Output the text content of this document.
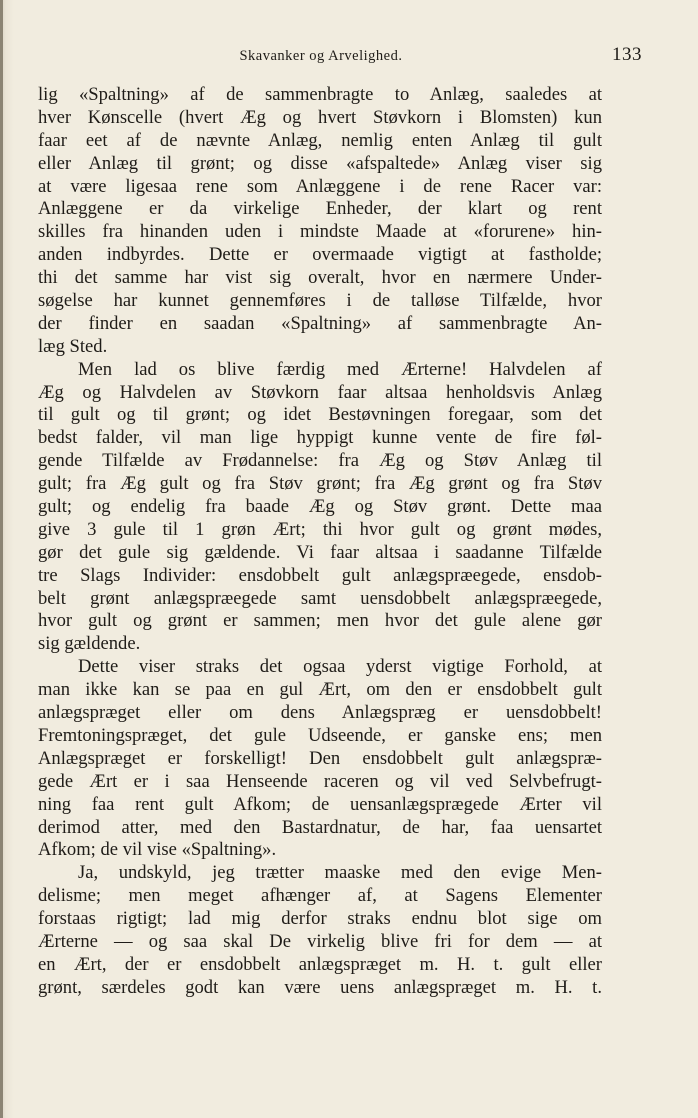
Skavanker og Arvelighed.	133
lig «Spaltning» af de sammenbragte to Anlæg, saaledes at
hver Kønscelle (hvert Æg og hvert Støvkorn i Blomsten) kun
faar eet af de nævnte Anlæg, nemlig enten Anlæg til gult
eller Anlæg til grønt; og disse «afspaltede» Anlæg viser sig
at være ligesaa rene som Anlæggene i de rene Racer var:
Anlæggene er da virkelige Enheder, der klart og rent
skilles fra hinanden uden i mindste Maade at «forurene» hin-
anden indbyrdes. Dette er overmaade vigtigt at fastholde;
thi det samme har vist sig overalt, hvor en nærmere Under-
søgelse har kunnet gennemføres i de talløse Tilfælde, hvor
der finder en saadan «Spaltning» af sammenbragte An-
læg Sted.
Men lad os blive færdig med Ærterne! Halvdelen af
Æg og Halvdelen av Støvkorn faar altsaa henholdsvis Anlæg
til gult og til grønt; og idet Bestøvningen foregaar, som det
bedst falder, vil man lige hyppigt kunne vente de fire føl-
gende Tilfælde av Frødannelse: fra Æg og Støv Anlæg til
gult; fra Æg gult og fra Støv grønt; fra Æg grønt og fra Støv
gult; og endelig fra baade Æg og Støv grønt. Dette maa
give 3 gule til 1 grøn Ært; thi hvor gult og grønt mødes,
gør det gule sig gældende. Vi faar altsaa i saadanne Tilfælde
tre Slags Individer: ensdobbelt gult anlægspræegede, ensdob-
belt grønt anlægspræegede samt uensdobbelt anlægspræegede,
hvor gult og grønt er sammen; men hvor det gule alene gør
sig gældende.
Dette viser straks det ogsaa yderst vigtige Forhold, at
man ikke kan se paa en gul Ært, om den er ensdobbelt gult
anlægspræget eller om dens Anlægspræg er uensdobbelt!
Fremtoningspræget, det gule Udseende, er ganske ens; men
Anlægspræget er forskelligt! Den ensdobbelt gult anlægspræ-
gede Ært er i saa Henseende raceren og vil ved Selvbefrugt-
ning faa rent gult Afkom; de uensanlægsprægede Ærter vil
derimod atter, med den Bastardnatur, de har, faa uensartet
Afkom; de vil vise «Spaltning».
Ja, undskyld, jeg trætter maaske med den evige Men-
delisme; men meget afhænger af, at Sagens Elementer
forstaas rigtigt; lad mig derfor straks endnu blot sige om
Ærterne — og saa skal De virkelig blive fri for dem — at
en Ært, der er ensdobbelt anlægspræget m. H. t. gult eller
grønt, særdeles godt kan være uens anlægspræget m. H. t.
